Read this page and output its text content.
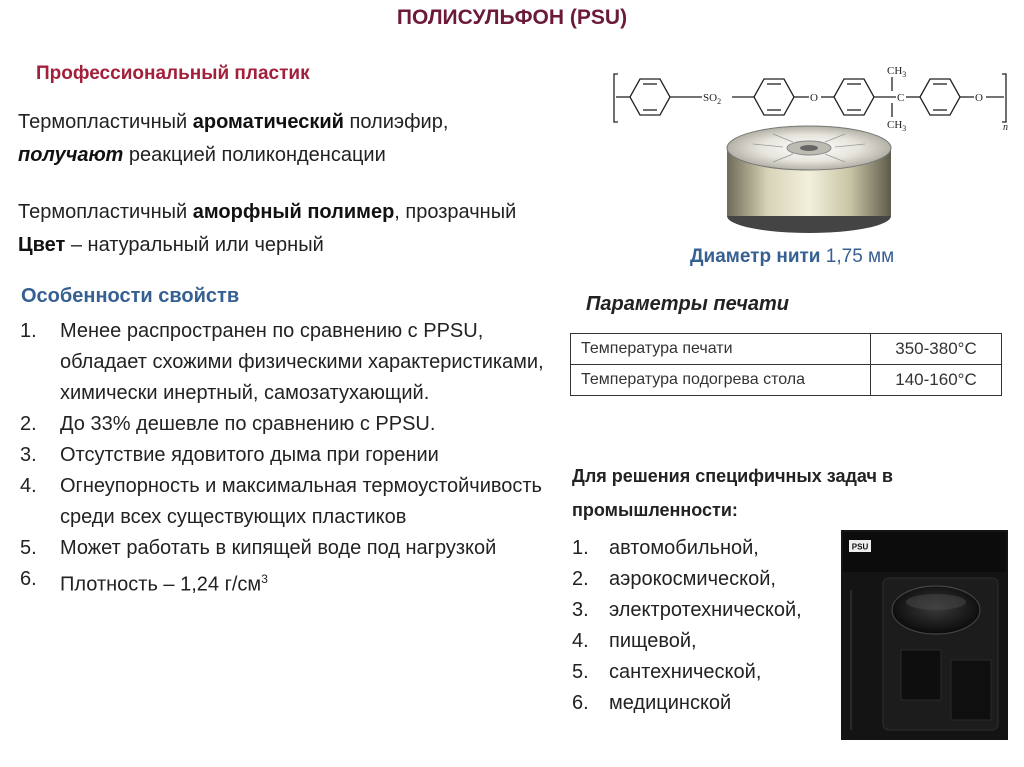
ПОЛИСУЛЬФОН (PSU)
Профессиональный пластик
Термопластичный ароматический полиэфир,
получают реакцией поликонденсации
Термопластичный аморфный полимер, прозрачный
Цвет – натуральный или черный
Особенности свойств
1. Менее распространен по сравнению с PPSU, обладает схожими физическими характеристиками, химически инертный, самозатухающий.
2. До 33% дешевле по сравнению с PPSU.
3. Отсутствие ядовитого дыма при горении
4. Огнеупорность и максимальная термоустойчивость среди всех существующих пластиков
5. Может работать в кипящей воде под нагрузкой
6. Плотность – 1,24 $г/см^3$
$SO_2$	O
$CH_3$
C
$CH_3$
O
n
Диаметр нити 1,75 мм
Параметры печати
Температура печати	350-380°С
Температура подогрева стола	140-160°С
Для решения специфичных задач в промышленности:
1. автомобильной,
2. аэрокосмической,
3. электротехнической,
4. пищевой,
5. сантехнической,
6. медицинской
PSU
